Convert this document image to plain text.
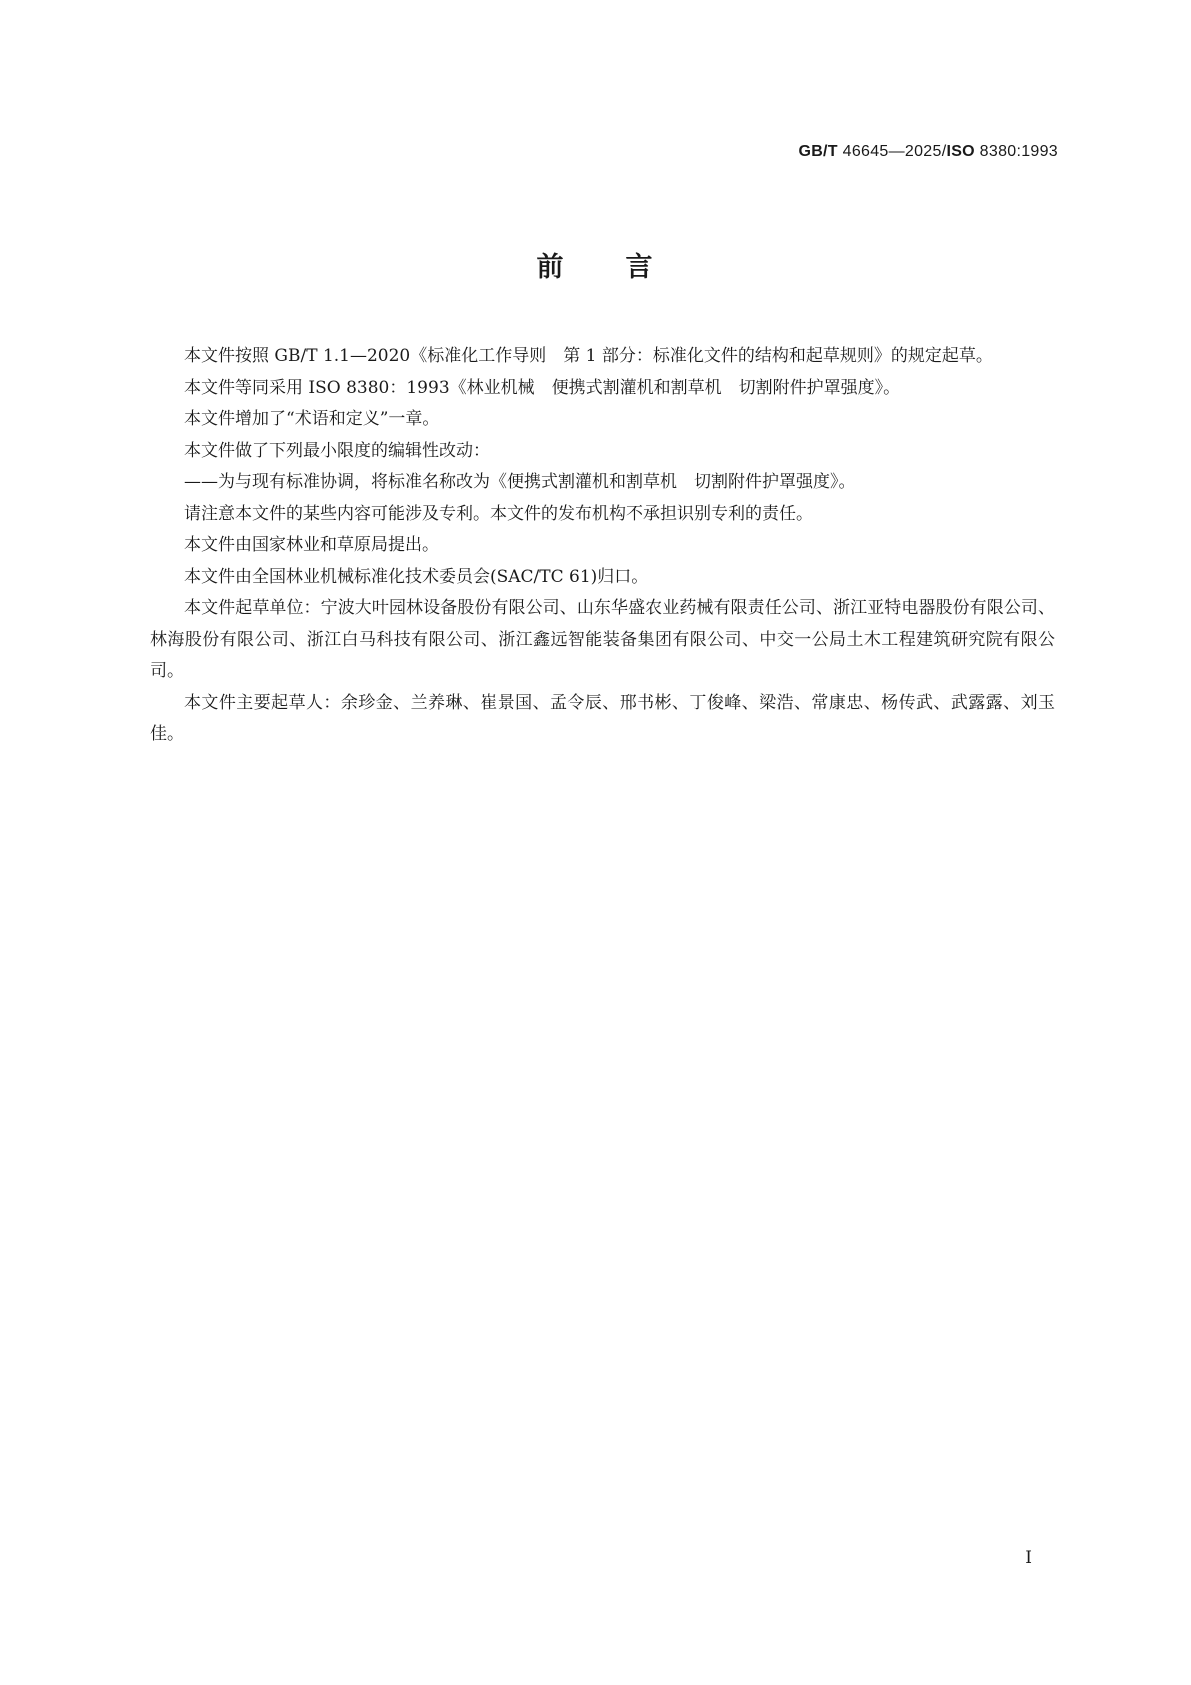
GB/T 46645—2025/ISO 8380:1993
前 言

本文件按照 GB/T 1.1—2020《标准化工作导则　第 1 部分：标准化文件的结构和起草规则》的规定起草。

本文件等同采用 ISO 8380：1993《林业机械　便携式割灌机和割草机　切割附件护罩强度》。

本文件增加了“术语和定义”一章。

本文件做了下列最小限度的编辑性改动：

——为与现有标准协调，将标准名称改为《便携式割灌机和割草机　切割附件护罩强度》。

请注意本文件的某些内容可能涉及专利。本文件的发布机构不承担识别专利的责任。

本文件由国家林业和草原局提出。

本文件由全国林业机械标准化技术委员会(SAC/TC 61)归口。

本文件起草单位：宁波大叶园林设备股份有限公司、山东华盛农业药械有限责任公司、浙江亚特电器股份有限公司、林海股份有限公司、浙江白马科技有限公司、浙江鑫远智能装备集团有限公司、中交一公局土木工程建筑研究院有限公司。

本文件主要起草人：余珍金、兰养琳、崔景国、孟令辰、邢书彬、丁俊峰、梁浩、常康忠、杨传武、武露露、刘玉佳。

I
